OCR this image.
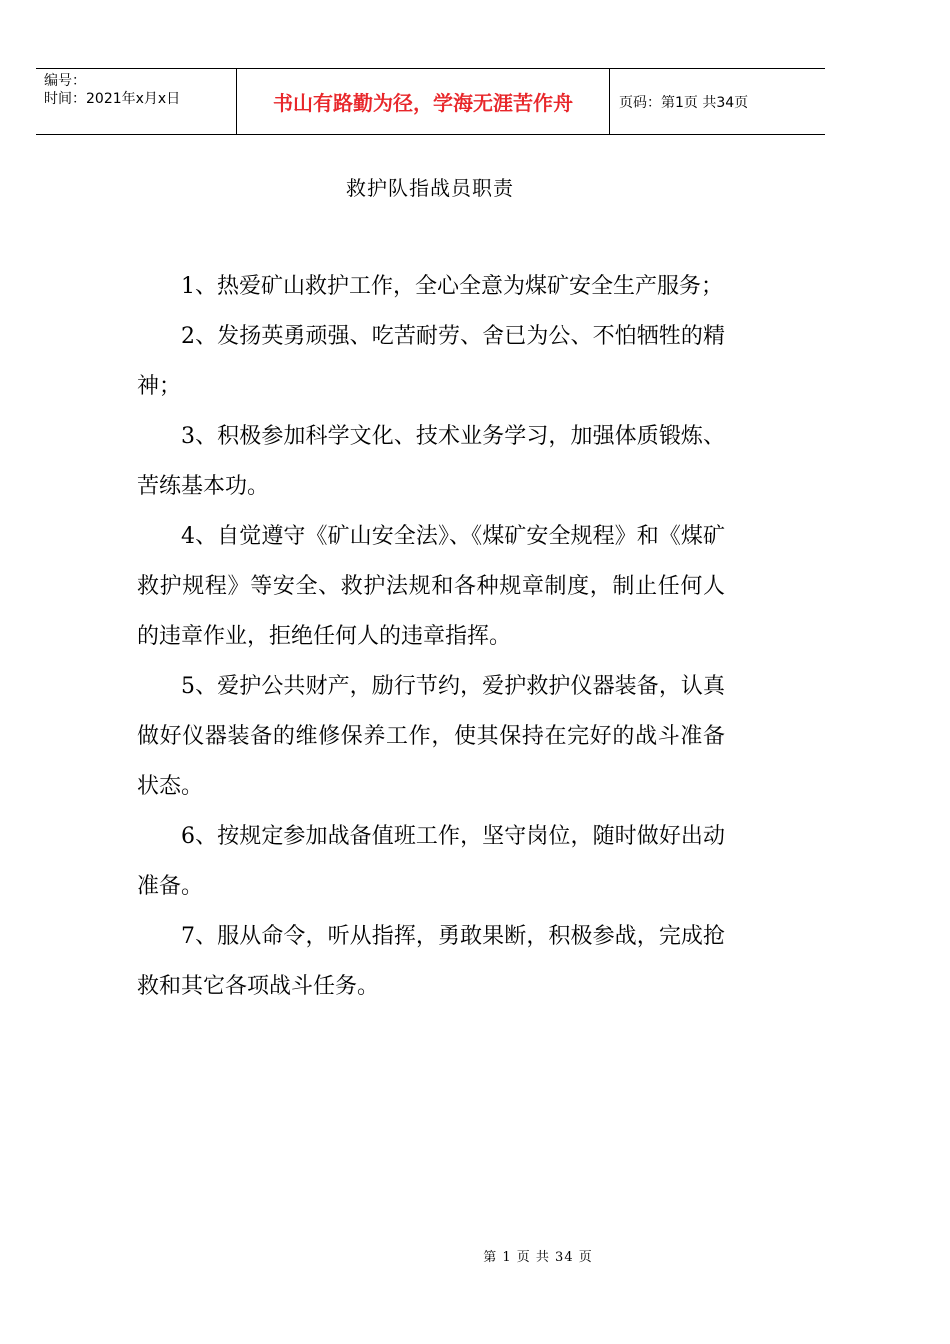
编号：
时间：2021年x月x日	书山有路勤为径，学海无涯苦作舟	页码：第1页 共34页
救护队指战员职责

1、热爱矿山救护工作，全心全意为煤矿安全生产服务；

2、发扬英勇顽强、吃苦耐劳、舍已为公、不怕牺牲的精神；

3、积极参加科学文化、技术业务学习，加强体质锻炼、苦练基本功。

4、自觉遵守《矿山安全法》、《煤矿安全规程》和《煤矿救护规程》等安全、救护法规和各种规章制度，制止任何人的违章作业，拒绝任何人的违章指挥。

5、爱护公共财产，励行节约，爱护救护仪器装备，认真做好仪器装备的维修保养工作，使其保持在完好的战斗准备状态。

6、按规定参加战备值班工作，坚守岗位，随时做好出动准备。

7、服从命令，听从指挥，勇敢果断，积极参战，完成抢救和其它各项战斗任务。

第 1 页 共 34 页
